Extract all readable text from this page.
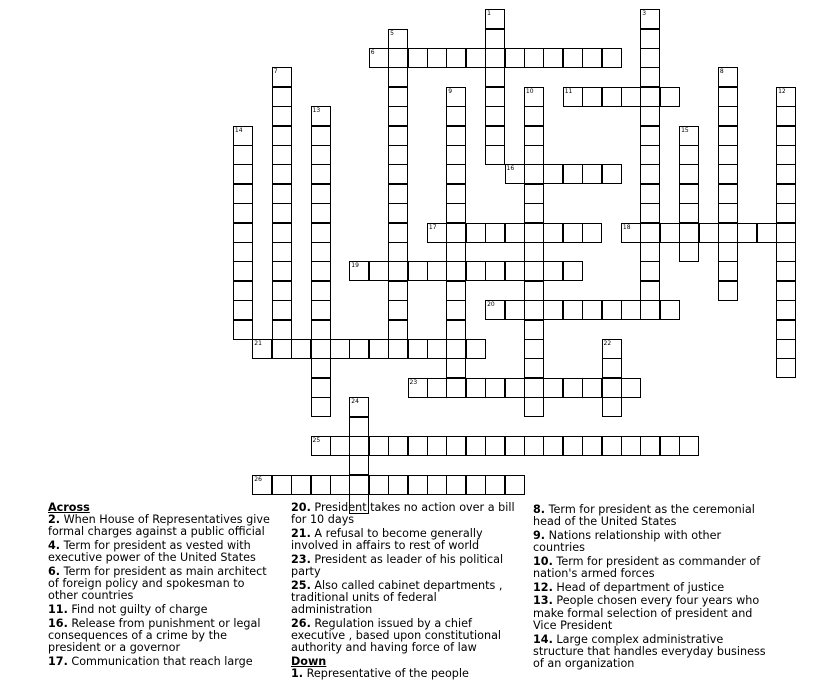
1	3
5
6
7	8
9	10	11	12
13
14	15
16
17	18
19
20
21	22
23
24
25
26
Across
2. When House of Representatives give formal charges against a public official
4. Term for president as vested with executive power of the United States
6. Term for president as main architect of foreign policy and spokesman to other countries
11. Find not guilty of charge
16. Release from punishment or legal consequences of a crime by the president or a governor
17. Communication that reach large
20. President takes no action over a bill for 10 days
21. A refusal to become generally involved in affairs to rest of world
23. President as leader of his political party
25. Also called cabinet departments , traditional units of federal administration
26. Regulation issued by a chief executive , based upon constitutional authority and having force of law
Down
1. Representative of the people
8. Term for president as the ceremonial head of the United States
9. Nations relationship with other countries
10. Term for president as commander of nation's armed forces
12. Head of department of justice
13. People chosen every four years who make formal selection of president and Vice President
14. Large complex administrative structure that handles everyday business of an organization
